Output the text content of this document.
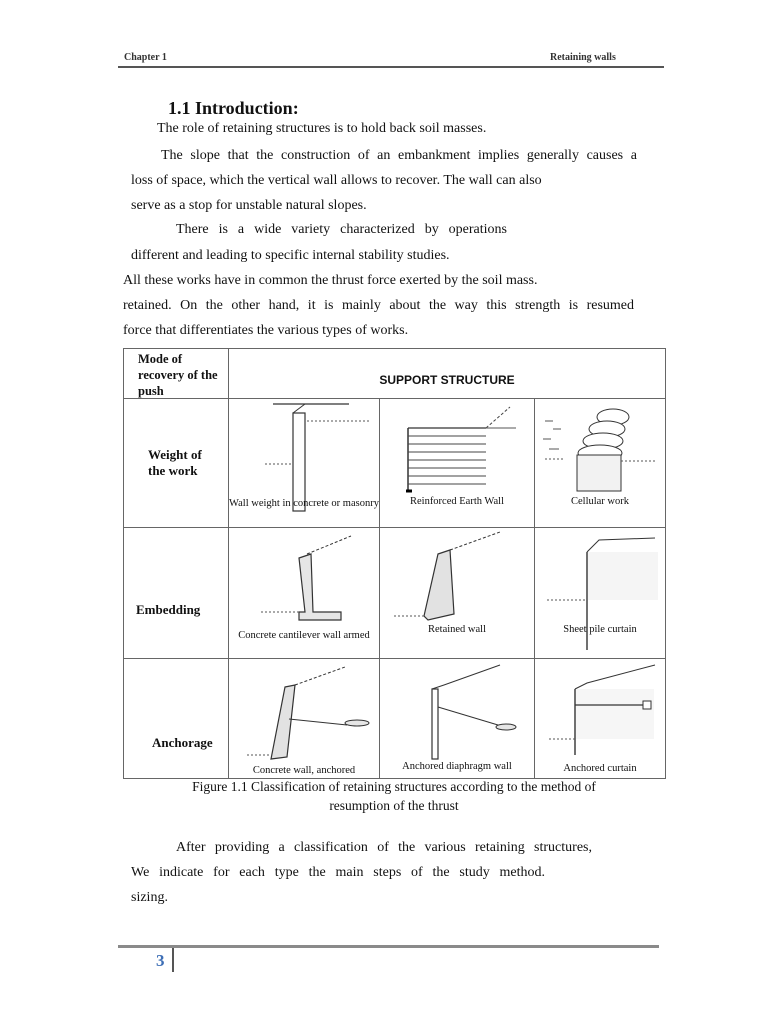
Chapter 1	Retaining walls
1.1 Introduction:
The role of retaining structures is to hold back soil masses.
The slope that the construction of an embankment implies generally causes a
loss of space, which the vertical wall allows to recover. The wall can also
serve as a stop for unstable natural slopes.
There is a wide variety characterized by operations
different and leading to specific internal stability studies.
All these works have in common the thrust force exerted by the soil mass.
retained. On the other hand, it is mainly about the way this strength is resumed
force that differentiates the various types of works.
Mode of recovery of the push	SUPPORT STRUCTURE		

Weight of the work	Wall weight in concrete or masonry	Reinforced Earth Wall	Cellular work

Embedding	Concrete cantilever wall armed	Retained wall	Sheet pile curtain

Anchorage	Concrete wall, anchored	Anchored diaphragm wall	Anchored curtain
Figure 1.1 Classification of retaining structures according to the method of
resumption of the thrust
After providing a classification of the various retaining structures,
We indicate for each type the main steps of the study method.
sizing.
3
